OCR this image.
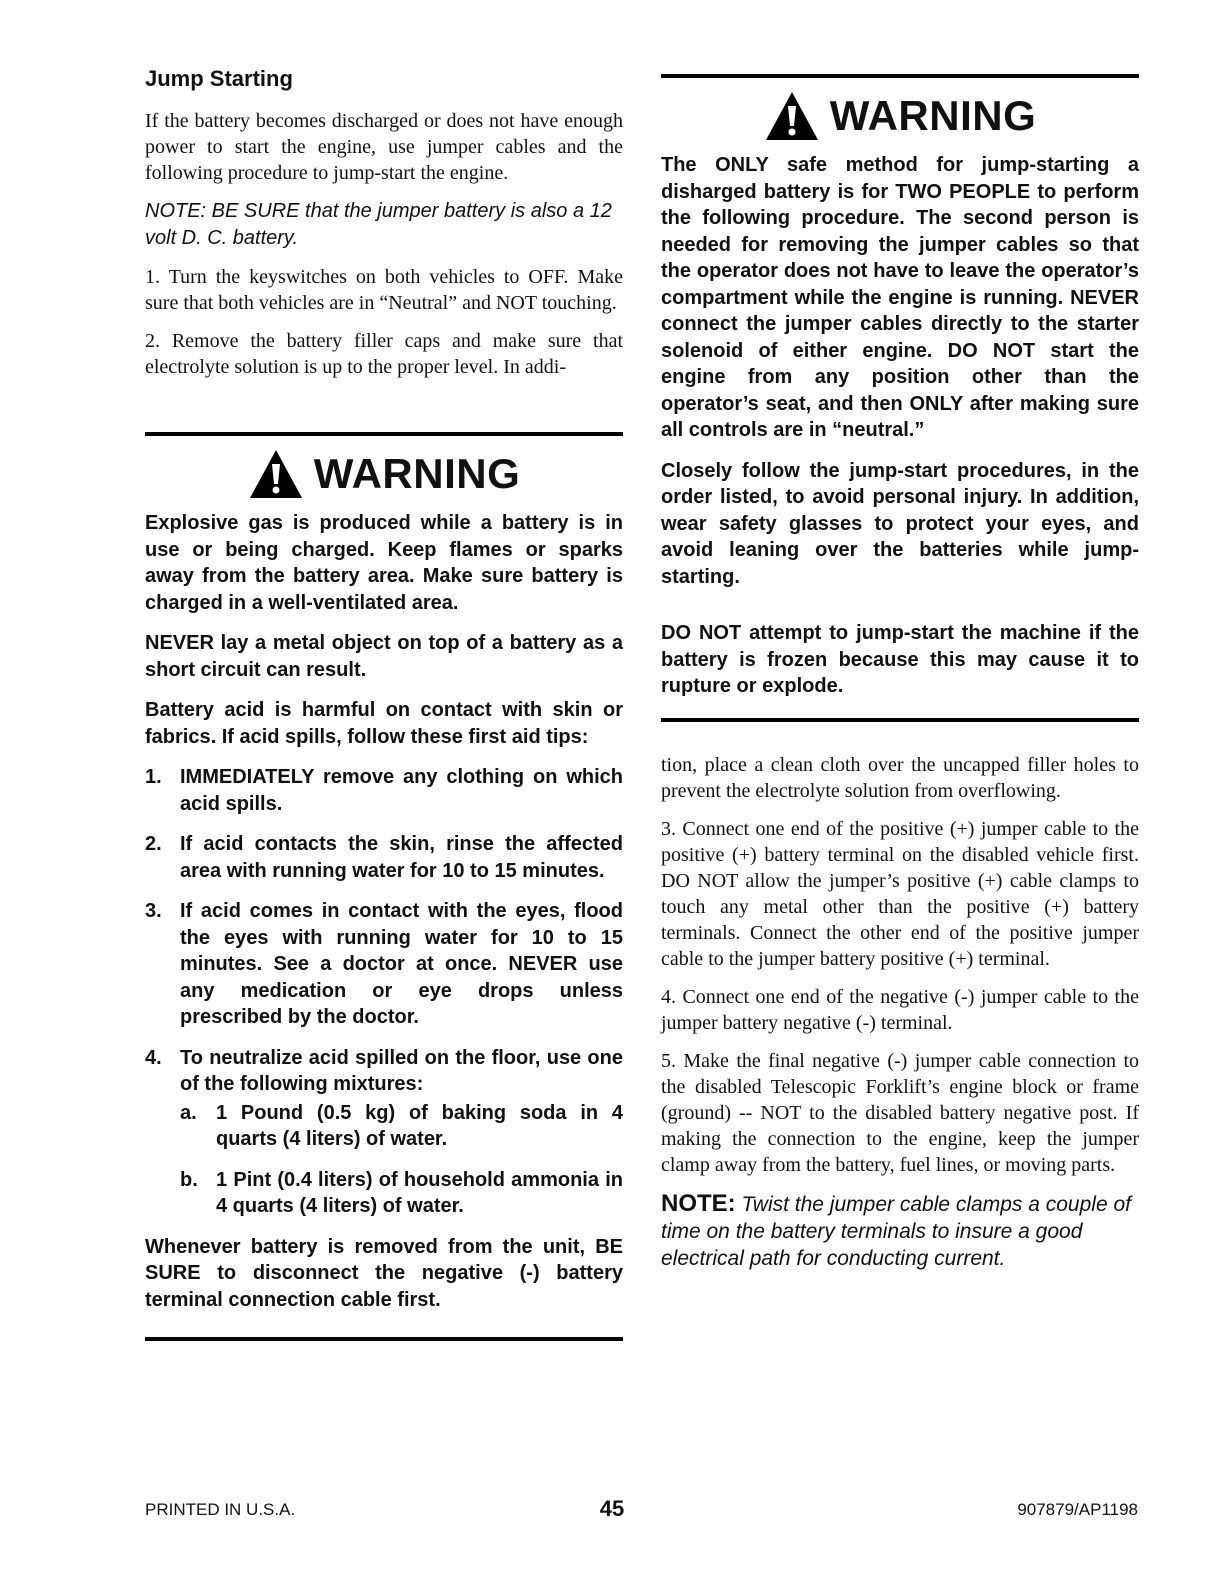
Jump Starting

If the battery becomes discharged or does not have enough power to start the engine, use jumper cables and the following procedure to jump-start the engine.

NOTE: BE SURE that the jumper battery is also a 12 volt D. C. battery.

1. Turn the keyswitches on both vehicles to OFF. Make sure that both vehicles are in “Neutral” and NOT touching.

2. Remove the battery filler caps and make sure that electrolyte solution is up to the proper level. In addi-

WARNING

Explosive gas is produced while a battery is in use or being charged. Keep flames or sparks away from the battery area. Make sure battery is charged in a well-ventilated area.

NEVER lay a metal object on top of a battery as a short circuit can result.

Battery acid is harmful on contact with skin or fabrics. If acid spills, follow these first aid tips:

1. IMMEDIATELY remove any clothing on which acid spills.
2. If acid contacts the skin, rinse the affected area with running water for 10 to 15 minutes.
3. If acid comes in contact with the eyes, flood the eyes with running water for 10 to 15 minutes. See a doctor at once. NEVER use any medication or eye drops unless prescribed by the doctor.
4. To neutralize acid spilled on the floor, use one of the following mixtures:
a. 1 Pound (0.5 kg) of baking soda in 4 quarts (4 liters) of water.
b. 1 Pint (0.4 liters) of household ammonia in 4 quarts (4 liters) of water.

Whenever battery is removed from the unit, BE SURE to disconnect the negative (-) battery terminal connection cable first.

WARNING

The ONLY safe method for jump-starting a disharged battery is for TWO PEOPLE to perform the following procedure. The second person is needed for removing the jumper cables so that the operator does not have to leave the operator’s compartment while the engine is running. NEVER connect the jumper cables directly to the starter solenoid of either engine. DO NOT start the engine from any position other than the operator’s seat, and then ONLY after making sure all controls are in “neutral.”

Closely follow the jump-start procedures, in the order listed, to avoid personal injury. In addition, wear safety glasses to protect your eyes, and avoid leaning over the batteries while jump-starting.

DO NOT attempt to jump-start the machine if the battery is frozen because this may cause it to rupture or explode.

tion, place a clean cloth over the uncapped filler holes to prevent the electrolyte solution from overflowing.

3. Connect one end of the positive (+) jumper cable to the positive (+) battery terminal on the disabled vehicle first. DO NOT allow the jumper’s positive (+) cable clamps to touch any metal other than the positive (+) battery terminals. Connect the other end of the positive jumper cable to the jumper battery positive (+) terminal.

4. Connect one end of the negative (-) jumper cable to the jumper battery negative (-) terminal.

5. Make the final negative (-) jumper cable connection to the disabled Telescopic Forklift’s engine block or frame (ground) -- NOT to the disabled battery negative post. If making the connection to the engine, keep the jumper clamp away from the battery, fuel lines, or moving parts.

NOTE: Twist the jumper cable clamps a couple of time on the battery terminals to insure a good electrical path for conducting current.

PRINTED IN U.S.A.	45	907879/AP1198
